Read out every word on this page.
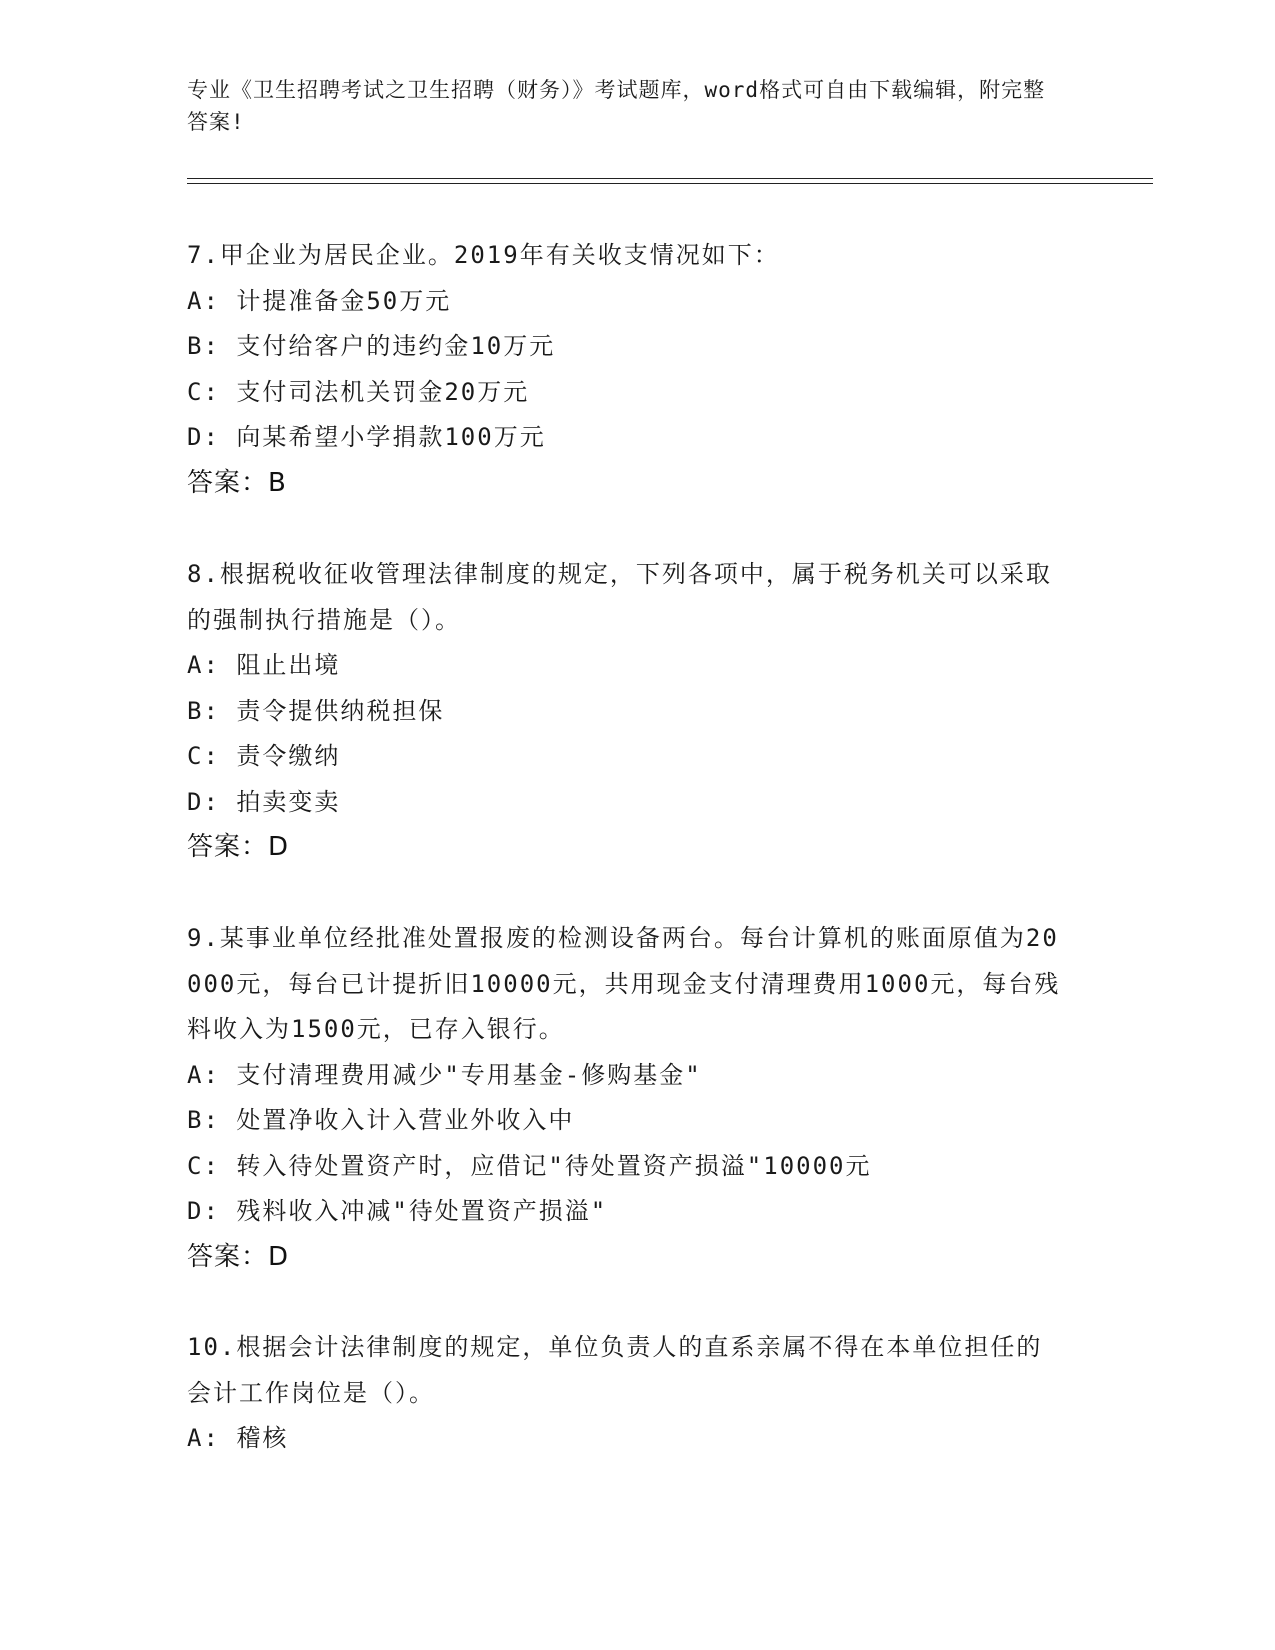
专业《卫生招聘考试之卫生招聘（财务）》考试题库，word格式可自由下载编辑，附完整答案!
7.甲企业为居民企业。2019年有关收支情况如下：
A: 计提准备金50万元
B: 支付给客户的违约金10万元
C: 支付司法机关罚金20万元
D: 向某希望小学捐款100万元
答案：B
8.根据税收征收管理法律制度的规定，下列各项中，属于税务机关可以采取的强制执行措施是（）。
A: 阻止出境
B: 责令提供纳税担保
C: 责令缴纳
D: 拍卖变卖
答案：D
9.某事业单位经批准处置报废的检测设备两台。每台计算机的账面原值为20000元，每台已计提折旧10000元，共用现金支付清理费用1000元，每台残料收入为1500元，已存入银行。
A: 支付清理费用减少"专用基金-修购基金"
B: 处置净收入计入营业外收入中
C: 转入待处置资产时，应借记"待处置资产损溢"10000元
D: 残料收入冲减"待处置资产损溢"
答案：D
10.根据会计法律制度的规定，单位负责人的直系亲属不得在本单位担任的会计工作岗位是（）。
A: 稽核
